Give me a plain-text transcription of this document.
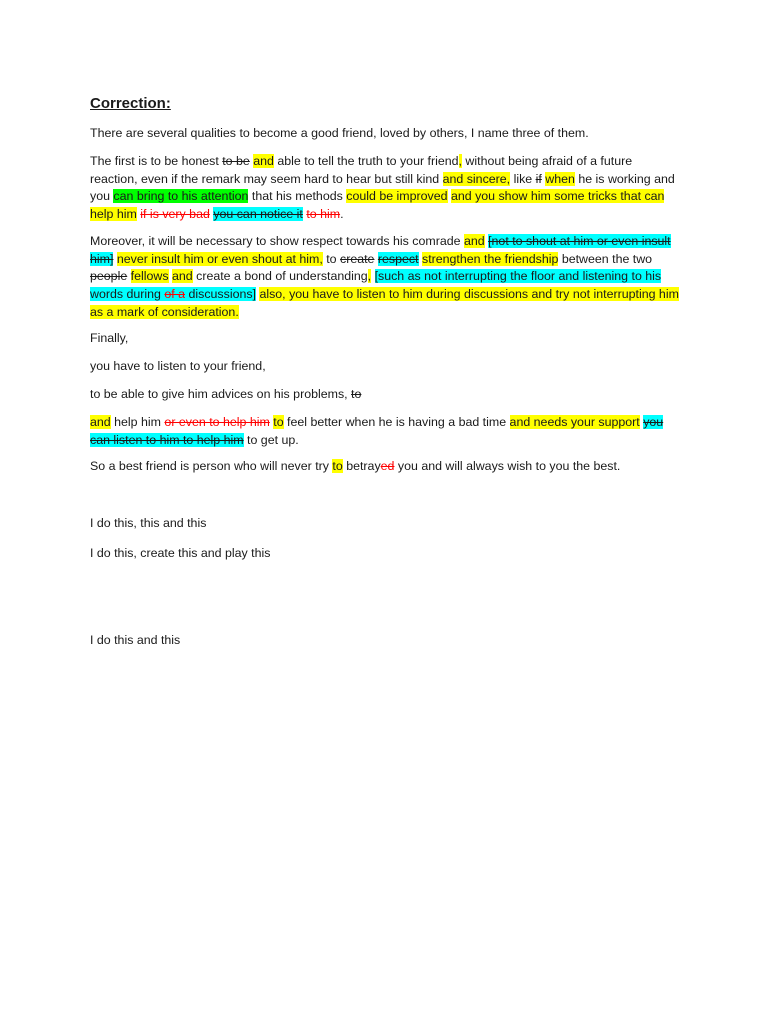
Correction:

There are several qualities to become a good friend, loved by others, I name three of them.

The first is to be honest to be and able to tell the truth to your friend, without being afraid of a future reaction, even if the remark may seem hard to hear but still kind and sincere, like if when he is working and you can bring to his attention that his methods could be improved and you show him some tricks that can help him if is very bad you can notice it to him.

Moreover, it will be necessary to show respect towards his comrade and [not to shout at him or even insult him] never insult him or even shout at him, to create respect strengthen the friendship between the two people fellows and create a bond of understanding, [such as not interrupting the floor and listening to his words during of a discussions] also, you have to listen to him during discussions and try not interrupting him as a mark of consideration.

Finally,

you have to listen to your friend,

to be able to give him advices on his problems, to

and help him or even to help him to feel better when he is having a bad time and needs your support you can listen to him to help him to get up.

So a best friend is person who will never try to betrayed you and will always wish to you the best.

I do this, this and this

I do this, create this and play this

I do this and this
